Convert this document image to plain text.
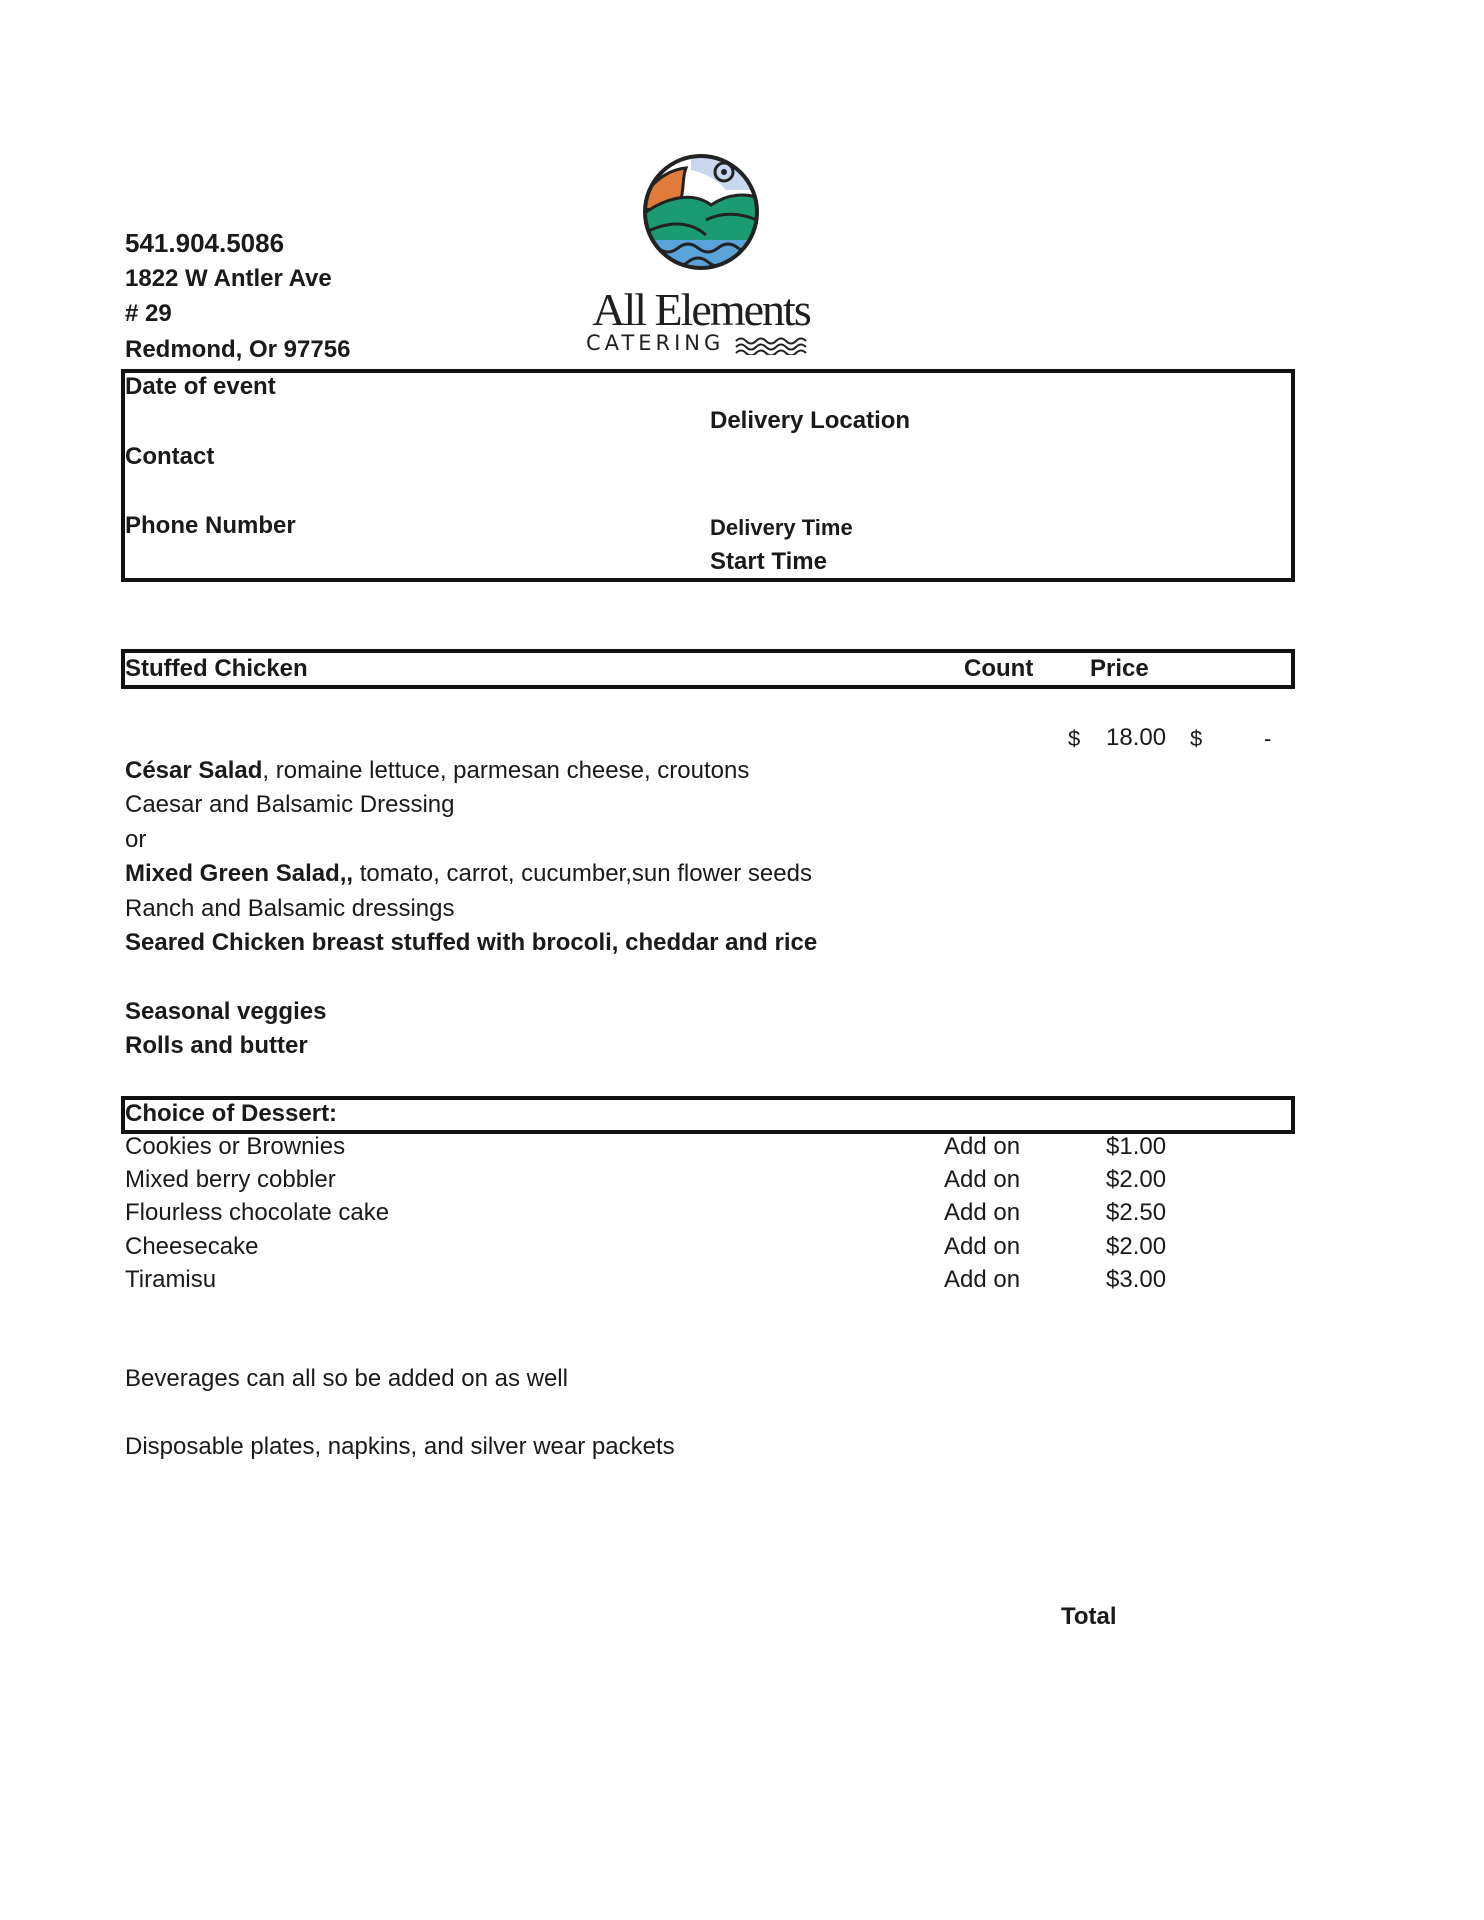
541.904.5086
1822 W Antler Ave
# 29
Redmond, Or 97756
All Elements
CATERING
Date of event
Contact
Phone Number
Delivery Location
Delivery Time
Start Time
Stuffed Chicken	Count Price
$ 18.00 $	-
César Salad, romaine lettuce, parmesan cheese, croutons
Caesar and Balsamic Dressing
or
Mixed Green Salad,, tomato, carrot, cucumber,sun flower seeds
Ranch and Balsamic dressings
Seared Chicken breast stuffed with brocoli, cheddar and rice
Seasonal veggies
Rolls and butter
Choice of Dessert:
Cookies or Brownies	Add on	$1.00
Mixed berry cobbler	Add on	$2.00
Flourless chocolate cake	Add on	$2.50
Cheesecake	Add on	$2.00
Tiramisu	Add on	$3.00
Beverages can all so be added on as well
Disposable plates, napkins, and silver wear packets
Total
